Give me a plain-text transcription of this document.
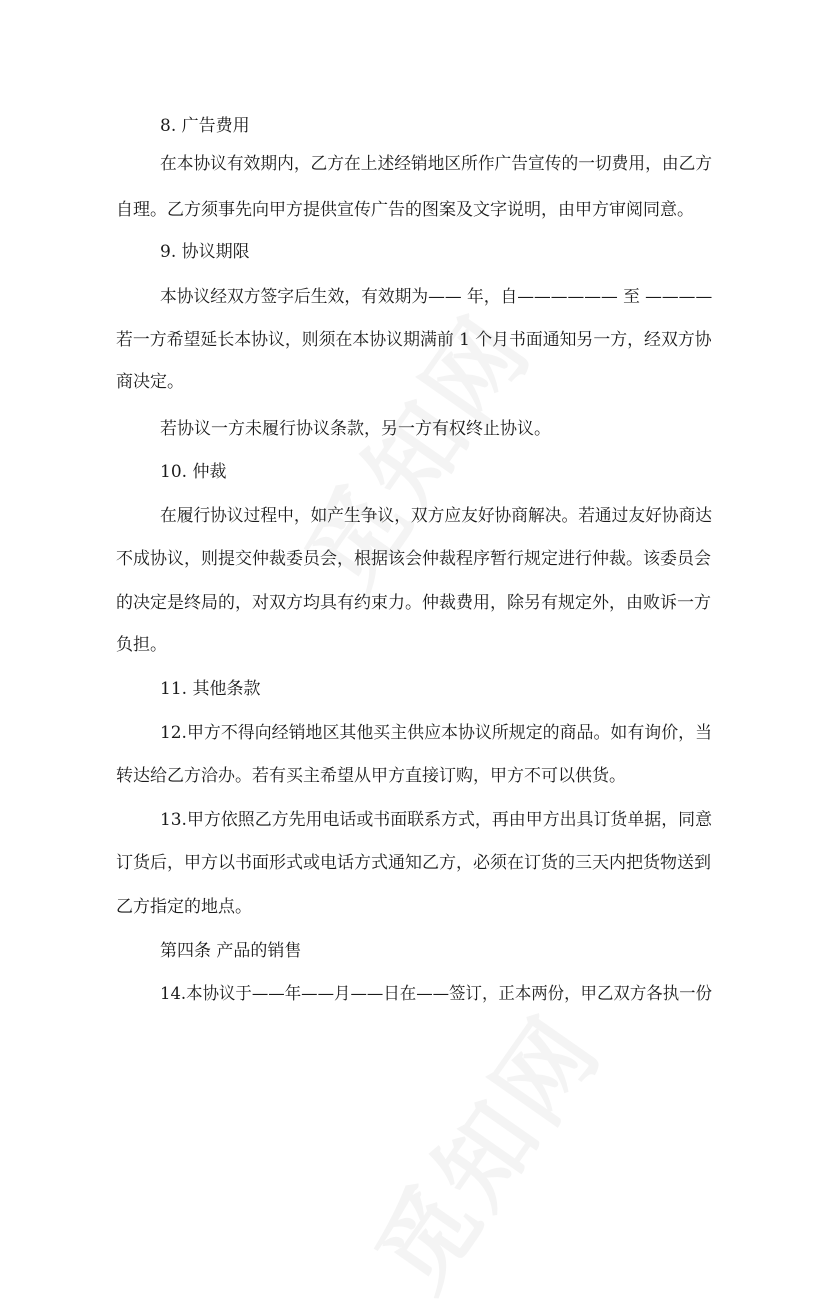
8. 广告费用
在本协议有效期内，乙方在上述经销地区所作广告宣传的一切费用，由乙方
自理。乙方须事先向甲方提供宣传广告的图案及文字说明，由甲方审阅同意。
9. 协议期限
本协议经双方签字后生效，有效期为—— 年，自—————— 至 ————
若一方希望延长本协议，则须在本协议期满前 1 个月书面通知另一方，经双方协
商决定。
若协议一方未履行协议条款，另一方有权终止协议。
10. 仲裁
在履行协议过程中，如产生争议，双方应友好协商解决。若通过友好协商达
不成协议，则提交仲裁委员会，根据该会仲裁程序暂行规定进行仲裁。该委员会
的决定是终局的，对双方均具有约束力。仲裁费用，除另有规定外，由败诉一方
负担。
11. 其他条款
12.甲方不得向经销地区其他买主供应本协议所规定的商品。如有询价，当
转达给乙方洽办。若有买主希望从甲方直接订购，甲方不可以供货。
13.甲方依照乙方先用电话或书面联系方式，再由甲方出具订货单据，同意
订货后，甲方以书面形式或电话方式通知乙方，必须在订货的三天内把货物送到
乙方指定的地点。
第四条 产品的销售
14.本协议于——年——月——日在——签订，正本两份，甲乙双方各执一份
